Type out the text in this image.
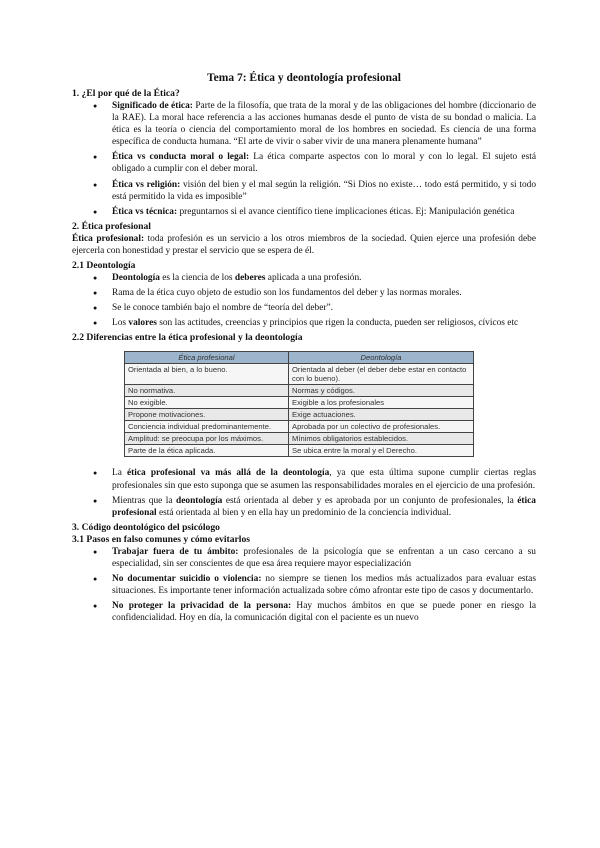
Tema 7: Ética y deontología profesional
1. ¿El por qué de la Ética?
● Significado de ética: Parte de la filosofía, que trata de la moral y de las obligaciones del hombre (diccionario de la RAE). La moral hace referencia a las acciones humanas desde el punto de vista de su bondad o malicia. La ética es la teoría o ciencia del comportamiento moral de los hombres en sociedad. Es ciencia de una forma específica de conducta humana. “El arte de vivir o saber vivir de una manera plenamente humana”
● Ética vs conducta moral o legal: La ética comparte aspectos con lo moral y con lo legal. El sujeto está obligado a cumplir con el deber moral.
● Ética vs religión: visión del bien y el mal según la religión. “Si Dios no existe… todo está permitido, y si todo está permitido la vida es imposible”
● Ética vs técnica: preguntarnos si el avance científico tiene implicaciones éticas. Ej: Manipulación genética
2. Ética profesional

Ética profesional: toda profesión es un servicio a los otros miembros de la sociedad. Quien ejerce una profesión debe ejercerla con honestidad y prestar el servicio que se espera de él.

2.1 Deontología
● Deontología es la ciencia de los deberes aplicada a una profesión.
● Rama de la ética cuyo objeto de estudio son los fundamentos del deber y las normas morales.
● Se le conoce también bajo el nombre de “teoría del deber”.
● Los valores son las actitudes, creencias y principios que rigen la conducta, pueden ser religiosos, cívicos etc
2.2 Diferencias entre la ética profesional y la deontología
Ética profesional	Deontología
Orientada al bien, a lo bueno.	Orientada al deber (el deber debe estar en contacto con lo bueno).
No normativa.	Normas y códigos.
No exigible.	Exigible a los profesionales
Propone motivaciones.	Exige actuaciones.
Conciencia individual predominantemente.	Aprobada por un colectivo de profesionales.
Amplitud: se preocupa por los máximos.	Mínimos obligatorios establecidos.
Parte de la ética aplicada.	Se ubica entre la moral y el Derecho.
● La ética profesional va más allá de la deontología, ya que esta última supone cumplir ciertas reglas profesionales sin que esto suponga que se asumen las responsabilidades morales en el ejercicio de una profesión.
● Mientras que la deontología está orientada al deber y es aprobada por un conjunto de profesionales, la ética profesional está orientada al bien y en ella hay un predominio de la conciencia individual.
3. Código deontológico del psicólogo
3.1 Pasos en falso comunes y cómo evitarlos
● Trabajar fuera de tu ámbito: profesionales de la psicología que se enfrentan a un caso cercano a su especialidad, sin ser conscientes de que esa área requiere mayor especialización
● No documentar suicidio o violencia: no siempre se tienen los medios más actualizados para evaluar estas situaciones. Es importante tener información actualizada sobre cómo afrontar este tipo de casos y documentarlo.
● No proteger la privacidad de la persona: Hay muchos ámbitos en que se puede poner en riesgo la confidencialidad. Hoy en día, la comunicación digital con el paciente es un nuevo
